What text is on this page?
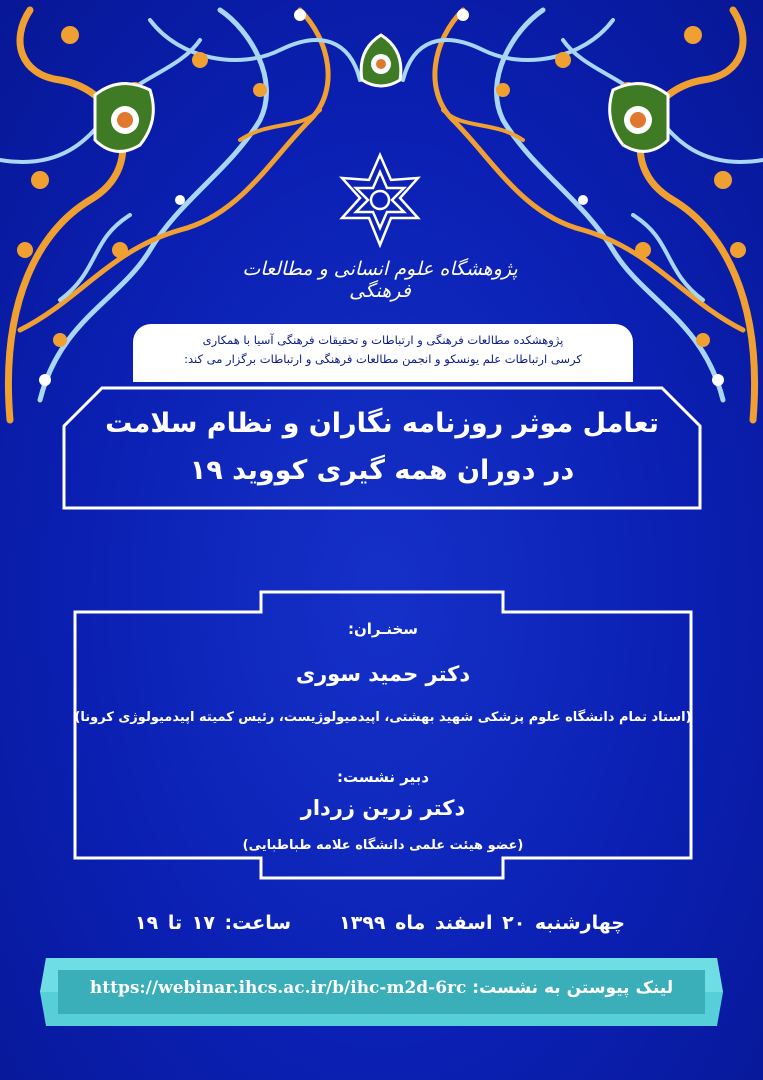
پژوهشگاه علوم انسانی و مطالعات فرهنگی
پژوهشکده مطالعات فرهنگی و ارتباطات و تحقیقات فرهنگی آسیا با همکاری
کرسی ارتباطات علم یونسکو و انجمن مطالعات فرهنگی و ارتباطات برگزار می کند:
تعامل موثر روزنامه نگاران و نظام سلامت
در دوران همه گیری کووید ۱۹
سخنـران:
دکتر حمید سوری
(استاد تمام دانشگاه علوم پزشکی شهید بهشتی، اپیدمیولوژیست، رئیس کمیته اپیدمیولوژی کرونا)
دبیر نشست:
دکتر زرین زردار
(عضو هیئت علمی دانشگاه علامه طباطبایی)
چهارشنبه ۲۰ اسفند ماه ۱۳۹۹     ساعت: ۱۷ تا ۱۹
لینک پیوستن به نشست: https://webinar.ihcs.ac.ir/b/ihc-m2d-6rc
